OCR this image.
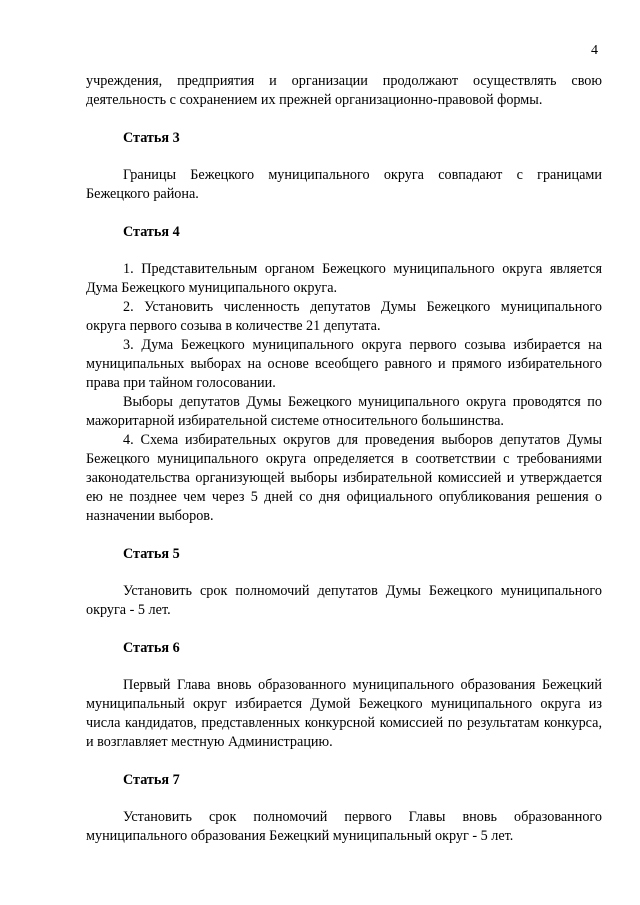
4

учреждения, предприятия и организации продолжают осуществлять свою деятельность с сохранением их прежней организационно-правовой формы.

Статья 3

Границы Бежецкого муниципального округа совпадают с границами Бежецкого района.

Статья 4

1. Представительным органом Бежецкого муниципального округа является Дума Бежецкого муниципального округа.

2. Установить численность депутатов Думы Бежецкого муниципального округа первого созыва в количестве 21 депутата.

3. Дума Бежецкого муниципального округа первого созыва избирается на муниципальных выборах на основе всеобщего равного и прямого избирательного права при тайном голосовании.

Выборы депутатов Думы Бежецкого муниципального округа проводятся по мажоритарной избирательной системе относительного большинства.

4. Схема избирательных округов для проведения выборов депутатов Думы Бежецкого муниципального округа определяется в соответствии с требованиями законодательства организующей выборы избирательной комиссией и утверждается ею не позднее чем через 5 дней со дня официального опубликования решения о назначении выборов.

Статья 5

Установить срок полномочий депутатов Думы Бежецкого муниципального округа - 5 лет.

Статья 6

Первый Глава вновь образованного муниципального образования Бежецкий муниципальный округ избирается Думой Бежецкого муниципального округа из числа кандидатов, представленных конкурсной комиссией по результатам конкурса, и возглавляет местную Администрацию.

Статья 7

Установить срок полномочий первого Главы вновь образованного муниципального образования Бежецкий муниципальный округ - 5 лет.
